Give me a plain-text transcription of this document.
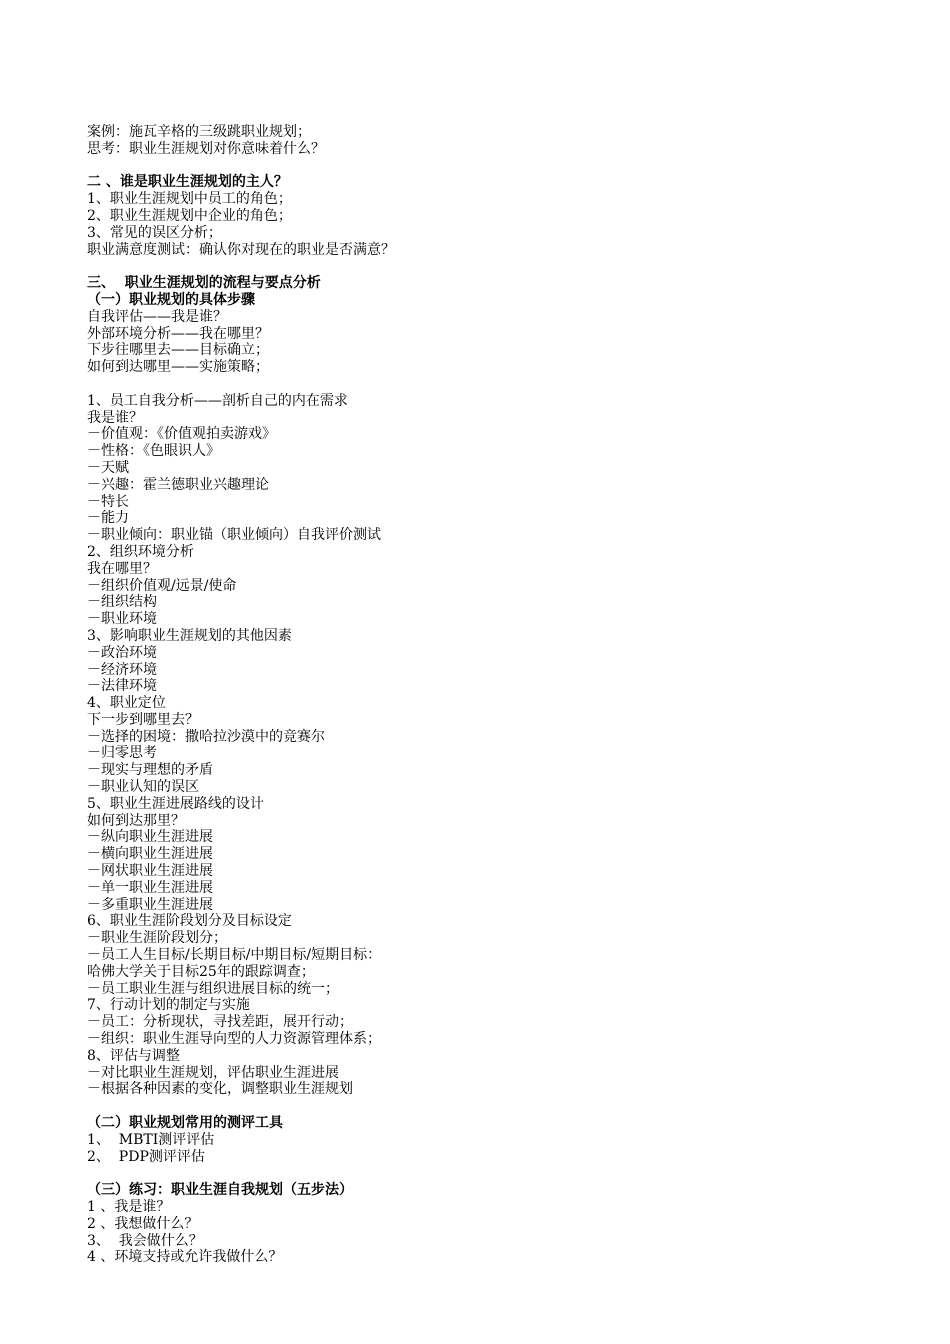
案例：施瓦辛格的三级跳职业规划；
思考：职业生涯规划对你意味着什么？
二 、谁是职业生涯规划的主人？
1、职业生涯规划中员工的角色；
2、职业生涯规划中企业的角色；
3、常见的误区分析；
职业满意度测试：确认你对现在的职业是否满意？
三、  职业生涯规划的流程与要点分析
（一）职业规划的具体步骤
自我评估——我是谁？
外部环境分析——我在哪里？
下步往哪里去——目标确立；
如何到达哪里——实施策略；
1、员工自我分析——剖析自己的内在需求
我是谁？
－价值观：《价值观拍卖游戏》
－性格：《色眼识人》
－天赋
－兴趣：霍兰德职业兴趣理论
－特长
－能力
－职业倾向：职业锚（职业倾向）自我评价测试
2、组织环境分析
我在哪里？
－组织价值观/远景/使命
－组织结构
－职业环境
3、影响职业生涯规划的其他因素
－政治环境
－经济环境
－法律环境
4、职业定位
下一步到哪里去？
－选择的困境：撒哈拉沙漠中的竞赛尔
－归零思考
－现实与理想的矛盾
－职业认知的误区
5、职业生涯进展路线的设计
如何到达那里？
－纵向职业生涯进展
－横向职业生涯进展
－网状职业生涯进展
－单一职业生涯进展
－多重职业生涯进展
6、职业生涯阶段划分及目标设定
－职业生涯阶段划分；
－员工人生目标/长期目标/中期目标/短期目标：
哈佛大学关于目标25年的跟踪调查；
－员工职业生涯与组织进展目标的统一；
7、行动计划的制定与实施
－员工：分析现状，寻找差距，展开行动；
－组织：职业生涯导向型的人力资源管理体系；
8、评估与调整
－对比职业生涯规划，评估职业生涯进展
－根据各种因素的变化，调整职业生涯规划
（二）职业规划常用的测评工具
1、  MBTI测评评估
2、  PDP测评评估
（三）练习：职业生涯自我规划（五步法）
1 、我是谁？
2 、我想做什么？
3、  我会做什么？
4 、环境支持或允许我做什么？
